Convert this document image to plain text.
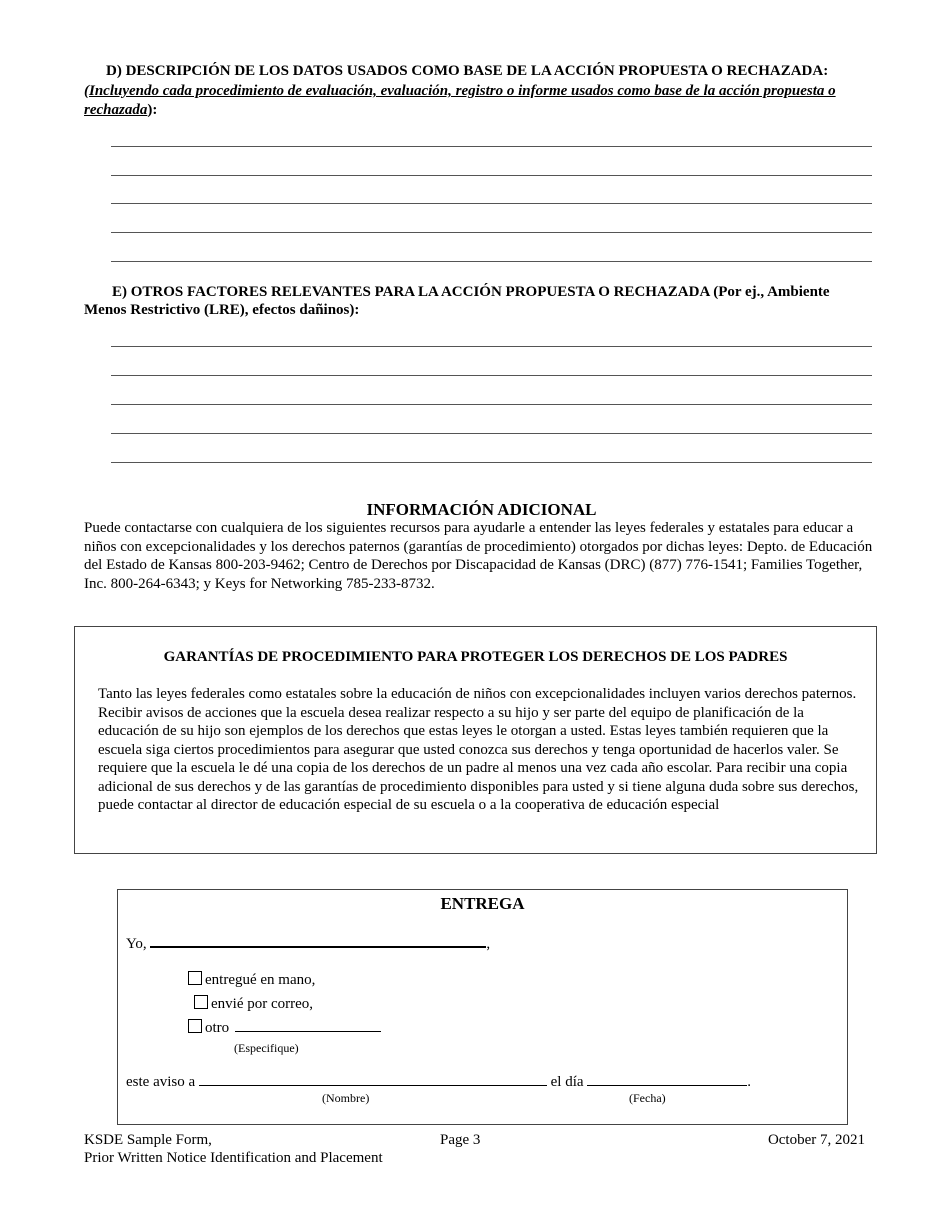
D) DESCRIPCIÓN DE LOS DATOS USADOS COMO BASE DE LA ACCIÓN PROPUESTA O RECHAZADA:
(Incluyendo cada procedimiento de evaluación, evaluación, registro o informe usados como base de la acción propuesta o rechazada):
E) OTROS FACTORES RELEVANTES PARA LA ACCIÓN PROPUESTA O RECHAZADA (Por ej., Ambiente
Menos Restrictivo (LRE), efectos dañinos):
INFORMACIÓN ADICIONAL
Puede contactarse con cualquiera de los siguientes recursos para ayudarle a entender las leyes federales y estatales para educar a niños con excepcionalidades y los derechos paternos (garantías de procedimiento) otorgados por dichas leyes: Depto. de Educación del Estado de Kansas 800-203-9462; Centro de Derechos por Discapacidad de Kansas (DRC) (877) 776-1541; Families Together, Inc. 800-264-6343; y Keys for Networking 785-233-8732.
GARANTÍAS DE PROCEDIMIENTO PARA PROTEGER LOS DERECHOS DE LOS PADRES
Tanto las leyes federales como estatales sobre la educación de niños con excepcionalidades incluyen varios derechos paternos. Recibir avisos de acciones que la escuela desea realizar respecto a su hijo y ser parte del equipo de planificación de la educación de su hijo son ejemplos de los derechos que estas leyes le otorgan a usted. Estas leyes también requieren que la escuela siga ciertos procedimientos para asegurar que usted conozca sus derechos y tenga oportunidad de hacerlos valer. Se requiere que la escuela le dé una copia de los derechos de un padre al menos una vez cada año escolar. Para recibir una copia adicional de sus derechos y de las garantías de procedimiento disponibles para usted y si tiene alguna duda sobre sus derechos, puede contactar al director de educación especial de su escuela o a la cooperativa de educación especial
ENTREGA
Yo,	,
entregué en mano,
envié por correo,
otro
(Especifique)
este aviso a	el día	.
(Nombre)	(Fecha)
KSDE Sample Form,
Prior Written Notice Identification and Placement
Page 3	October 7, 2021
